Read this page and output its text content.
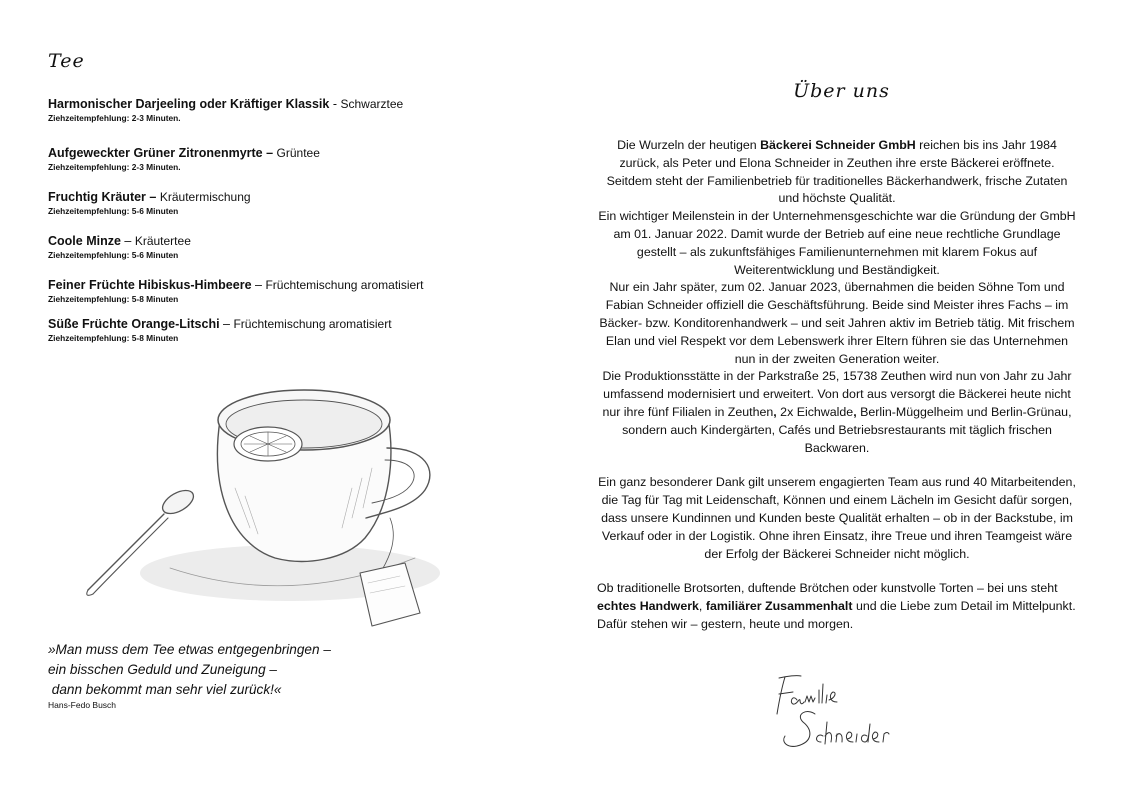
Tee
Harmonischer Darjeeling oder Kräftiger Klassik - Schwarztee
Ziehzeitempfehlung: 2-3 Minuten.
Aufgeweckter Grüner Zitronenmyrte – Grüntee
Ziehzeitempfehlung: 2-3 Minuten.
Fruchtig Kräuter – Kräutermischung
Ziehzeitempfehlung: 5-6 Minuten
Coole Minze – Kräutertee
Ziehzeitempfehlung: 5-6 Minuten
Feiner Früchte Hibiskus-Himbeere – Früchtemischung aromatisiert
Ziehzeitempfehlung: 5-8 Minuten
Süße Früchte Orange-Litschi – Früchtemischung aromatisiert
Ziehzeitempfehlung: 5-8 Minuten
»Man muss dem Tee etwas entgegenbringen –
ein bisschen Geduld und Zuneigung –
dann bekommt man sehr viel zurück!«
Hans-Fedo Busch
Über uns

Die Wurzeln der heutigen Bäckerei Schneider GmbH reichen bis ins Jahr 1984 zurück, als Peter und Elona Schneider in Zeuthen ihre erste Bäckerei eröffnete. Seitdem steht der Familienbetrieb für traditionelles Bäckerhandwerk, frische Zutaten und höchste Qualität.

Ein wichtiger Meilenstein in der Unternehmensgeschichte war die Gründung der GmbH am 01. Januar 2022. Damit wurde der Betrieb auf eine neue rechtliche Grundlage gestellt – als zukunftsfähiges Familienunternehmen mit klarem Fokus auf Weiterentwicklung und Beständigkeit.

Nur ein Jahr später, zum 02. Januar 2023, übernahmen die beiden Söhne Tom und Fabian Schneider offiziell die Geschäftsführung. Beide sind Meister ihres Fachs – im Bäcker- bzw. Konditorenhandwerk – und seit Jahren aktiv im Betrieb tätig. Mit frischem Elan und viel Respekt vor dem Lebenswerk ihrer Eltern führen sie das Unternehmen nun in der zweiten Generation weiter.

Die Produktionsstätte in der Parkstraße 25, 15738 Zeuthen wird nun von Jahr zu Jahr umfassend modernisiert und erweitert. Von dort aus versorgt die Bäckerei heute nicht nur ihre fünf Filialen in Zeuthen, 2x Eichwalde, Berlin-Müggelheim und Berlin-Grünau, sondern auch Kindergärten, Cafés und Betriebsrestaurants mit täglich frischen Backwaren.

Ein ganz besonderer Dank gilt unserem engagierten Team aus rund 40 Mitarbeitenden, die Tag für Tag mit Leidenschaft, Können und einem Lächeln im Gesicht dafür sorgen, dass unsere Kundinnen und Kunden beste Qualität erhalten – ob in der Backstube, im Verkauf oder in der Logistik. Ohne ihren Einsatz, ihre Treue und ihren Teamgeist wäre der Erfolg der Bäckerei Schneider nicht möglich.

Ob traditionelle Brotsorten, duftende Brötchen oder kunstvolle Torten – bei uns steht echtes Handwerk, familiärer Zusammenhalt und die Liebe zum Detail im Mittelpunkt. Dafür stehen wir – gestern, heute und morgen.
